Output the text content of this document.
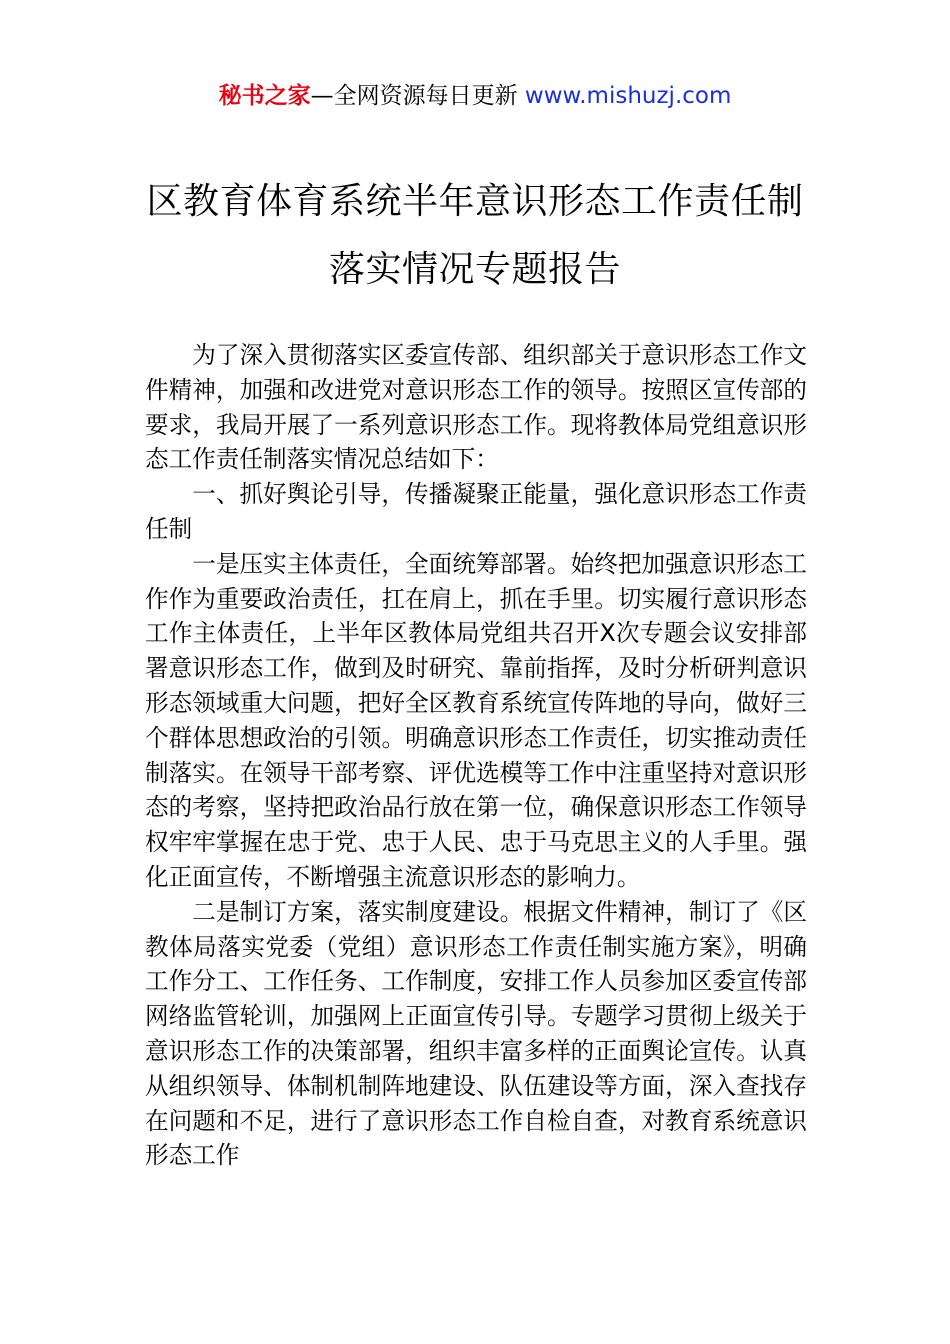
秘书之家—全网资源每日更新 www.mishuzj.com
区教育体育系统半年意识形态工作责任制
落实情况专题报告

为了深入贯彻落实区委宣传部、组织部关于意识形态工作文件精神，加强和改进党对意识形态工作的领导。按照区宣传部的要求，我局开展了一系列意识形态工作。现将教体局党组意识形态工作责任制落实情况总结如下：

一、抓好舆论引导，传播凝聚正能量，强化意识形态工作责任制

一是压实主体责任，全面统筹部署。始终把加强意识形态工作作为重要政治责任，扛在肩上，抓在手里。切实履行意识形态工作主体责任，上半年区教体局党组共召开X次专题会议安排部署意识形态工作，做到及时研究、靠前指挥，及时分析研判意识形态领域重大问题，把好全区教育系统宣传阵地的导向，做好三个群体思想政治的引领。明确意识形态工作责任，切实推动责任制落实。在领导干部考察、评优选模等工作中注重坚持对意识形态的考察，坚持把政治品行放在第一位，确保意识形态工作领导权牢牢掌握在忠于党、忠于人民、忠于马克思主义的人手里。强化正面宣传，不断增强主流意识形态的影响力。

二是制订方案，落实制度建设。根据文件精神，制订了《区教体局落实党委（党组）意识形态工作责任制实施方案》，明确工作分工、工作任务、工作制度，安排工作人员参加区委宣传部网络监管轮训，加强网上正面宣传引导。专题学习贯彻上级关于意识形态工作的决策部署，组织丰富多样的正面舆论宣传。认真从组织领导、体制机制阵地建设、队伍建设等方面，深入查找存在问题和不足，进行了意识形态工作自检自查，对教育系统意识形态工作
